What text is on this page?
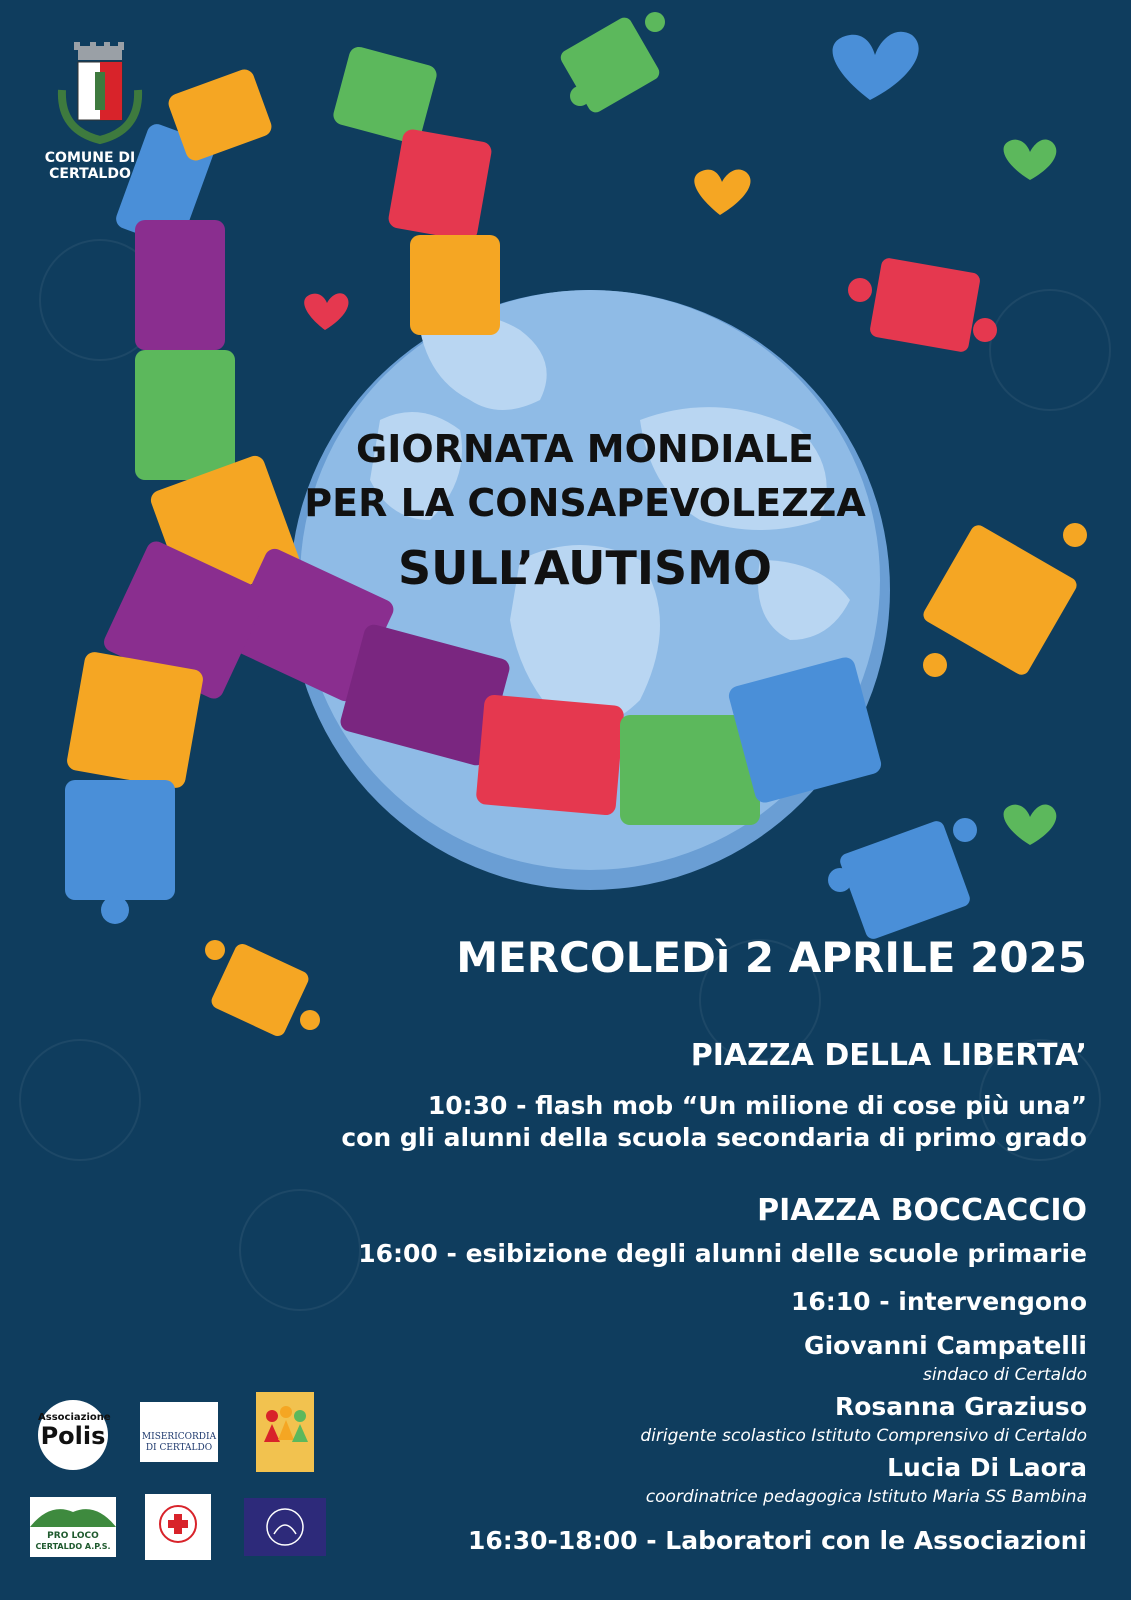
COMUNE DI CERTALDO
GIORNATA MONDIALE
PER LA CONSAPEVOLEZZA
SULL’AUTISMO
MERCOLEDì 2 APRILE 2025
PIAZZA DELLA LIBERTA’
10:30 - flash mob “Un milione di cose più una”
con gli alunni della scuola secondaria di primo grado
PIAZZA BOCCACCIO
16:00 - esibizione degli alunni delle scuole primarie
16:10 - intervengono
Giovanni Campatelli
sindaco di Certaldo
Rosanna Graziuso
dirigente scolastico Istituto Comprensivo di Certaldo
Lucia Di Laora
coordinatrice pedagogica Istituto Maria SS Bambina
16:30-18:00 - Laboratori con le Associazioni
Associazione
Polis	MISERICORDIA
DI CERTALDO
PRO LOCO
CERTALDO A.P.S.
